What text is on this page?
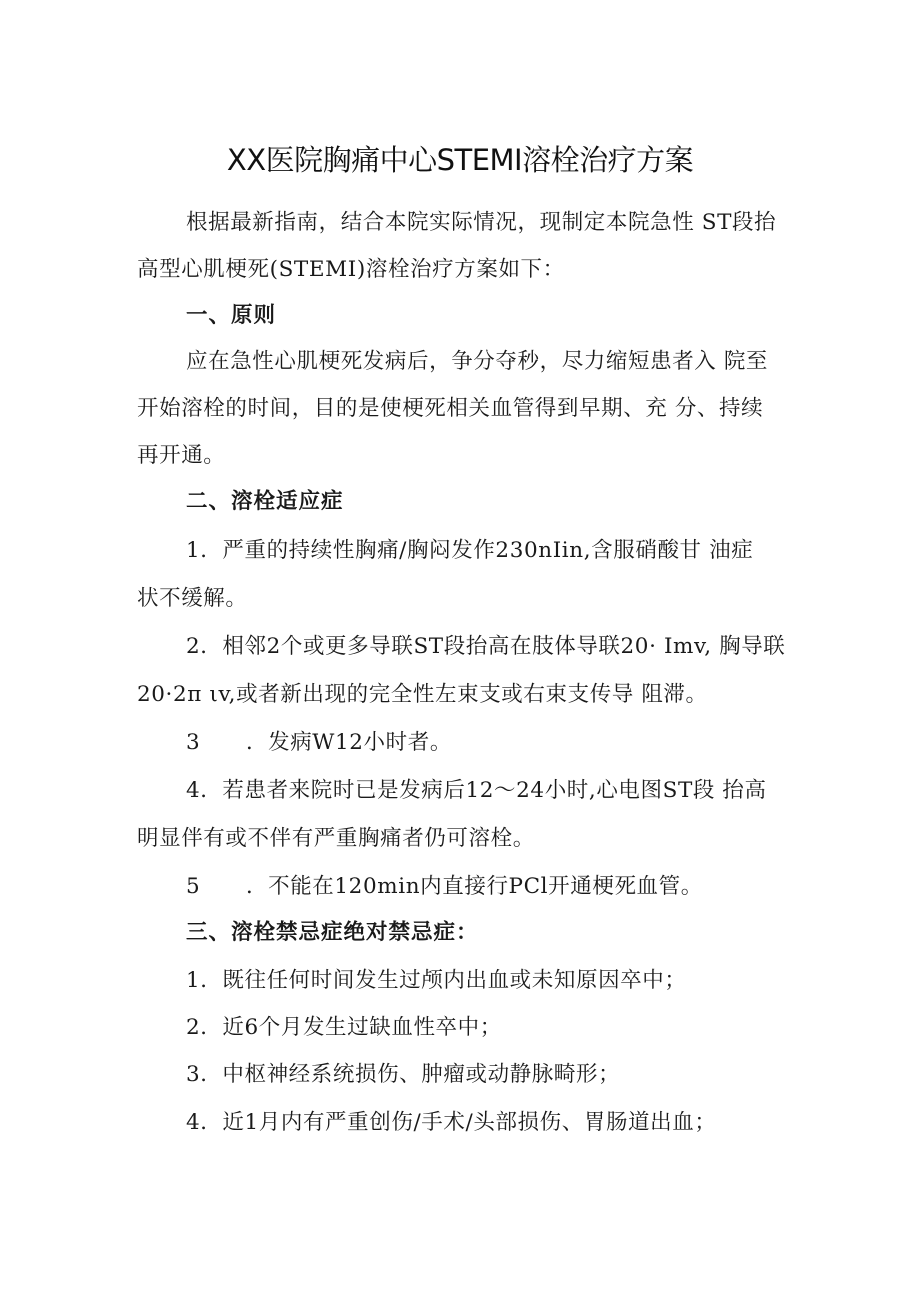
XX医院胸痛中心STEMI溶栓治疗方案
根据最新指南，结合本院实际情况，现制定本院急性 ST段抬
高型心肌梗死(STEMI)溶栓治疗方案如下：
一、原则
应在急性心肌梗死发病后，争分夺秒，尽力缩短患者入 院至
开始溶栓的时间，目的是使梗死相关血管得到早期、充 分、持续
再开通。
二、溶栓适应症
1．严重的持续性胸痛/胸闷发作230nIin,含服硝酸甘 油症
状不缓解。
2．相邻2个或更多导联ST段抬高在肢体导联20· Imv, 胸导联
20·2π ιv,或者新出现的完全性左束支或右束支传导 阻滞。
3 ．发病W12小时者。
4．若患者来院时已是发病后12～24小时,心电图ST段 抬高
明显伴有或不伴有严重胸痛者仍可溶栓。
5 ．不能在120min内直接行PCl开通梗死血管。
三、溶栓禁忌症绝对禁忌症：
1．既往任何时间发生过颅内出血或未知原因卒中；
2．近6个月发生过缺血性卒中；
3．中枢神经系统损伤、肿瘤或动静脉畸形；
4．近1月内有严重创伤/手术/头部损伤、胃肠道出血；
